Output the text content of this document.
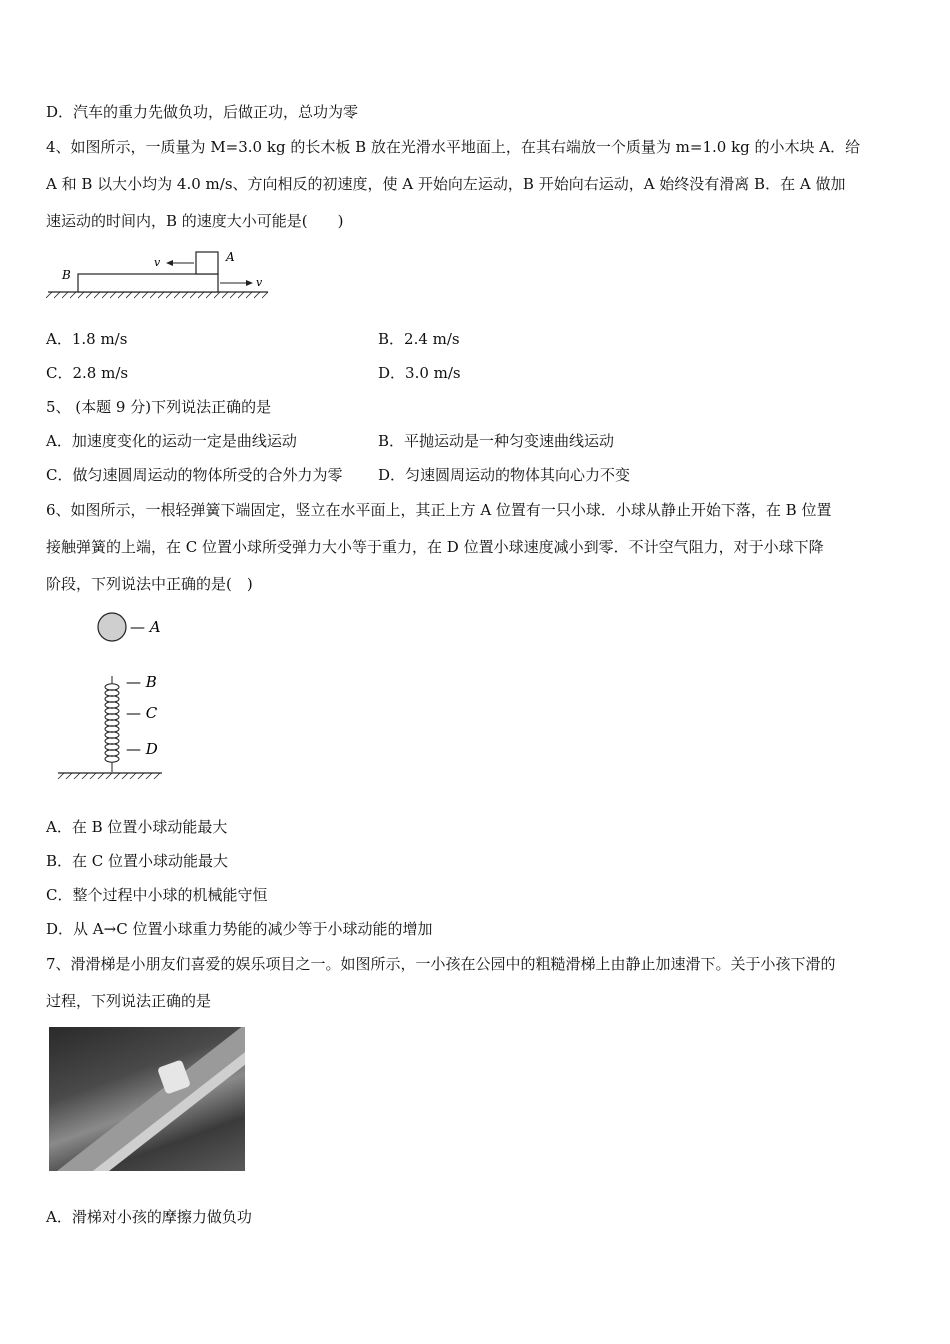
D．汽车的重力先做负功，后做正功，总功为零
4、如图所示，一质量为 M=3.0 kg 的长木板 B 放在光滑水平地面上，在其右端放一个质量为 m=1.0 kg 的小木块 A．给
A 和 B 以大小均为 4.0 m/s、方向相反的初速度，使 A 开始向左运动，B 开始向右运动，A 始终没有滑离 B．在 A 做加
速运动的时间内，B 的速度大小可能是(　　)
B
A
v
v
A．1.8 m/s	B．2.4 m/s
C．2.8 m/s	D．3.0 m/s
5、 (本题 9 分)下列说法正确的是
A．加速度变化的运动一定是曲线运动	B．平抛运动是一种匀变速曲线运动
C．做匀速圆周运动的物体所受的合外力为零 D．匀速圆周运动的物体其向心力不变
6、如图所示，一根轻弹簧下端固定，竖立在水平面上，其正上方 A 位置有一只小球．小球从静止开始下落，在 B 位置
接触弹簧的上端，在 C 位置小球所受弹力大小等于重力，在 D 位置小球速度减小到零．不计空气阻力，对于小球下降
阶段，下列说法中正确的是(　)
— A
— B
— C
— D
A．在 B 位置小球动能最大
B．在 C 位置小球动能最大
C．整个过程中小球的机械能守恒
D．从 A→C 位置小球重力势能的减少等于小球动能的增加
7、滑滑梯是小朋友们喜爱的娱乐项目之一。如图所示，一小孩在公园中的粗糙滑梯上由静止加速滑下。关于小孩下滑的
过程，下列说法正确的是
A．滑梯对小孩的摩擦力做负功
